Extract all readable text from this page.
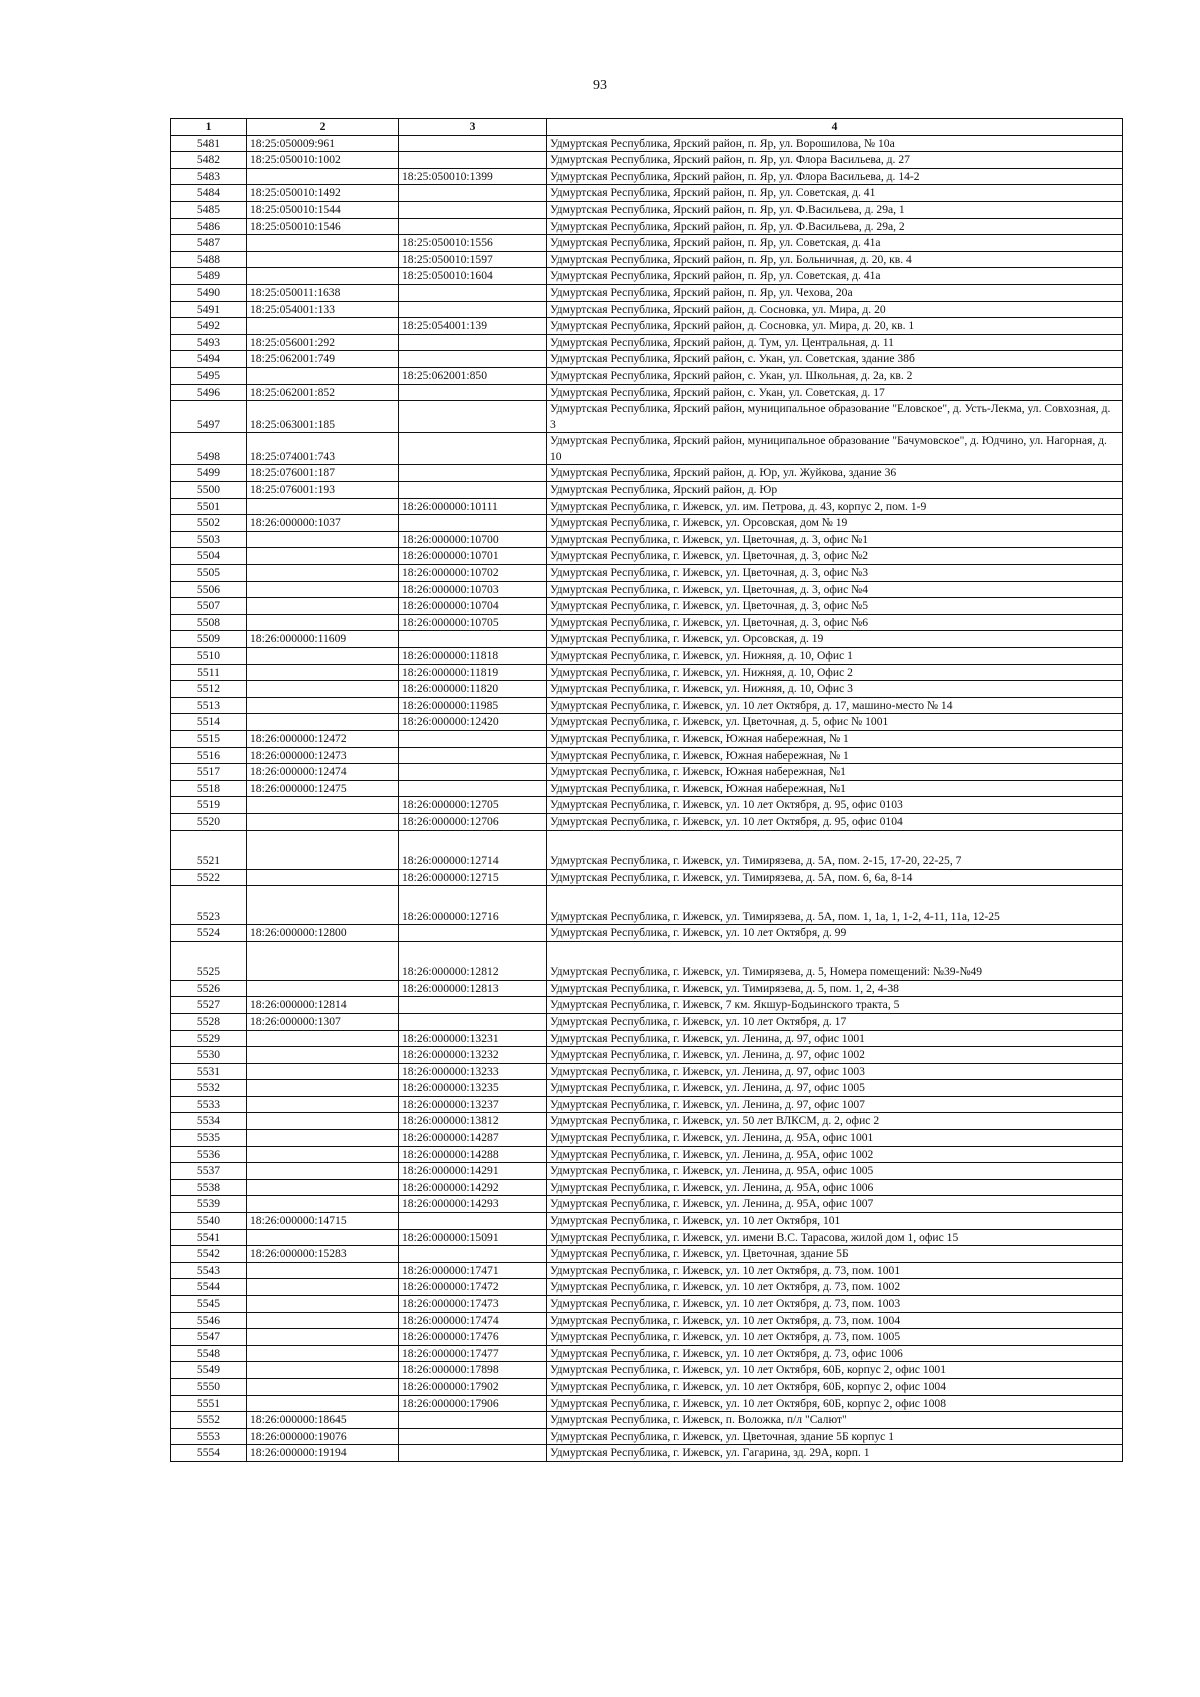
93
1	2	3	4
5481	18:25:050009:961		Удмуртская Республика, Ярский район, п. Яр, ул. Ворошилова, № 10а
5482	18:25:050010:1002		Удмуртская Республика, Ярский район, п. Яр, ул. Флора Васильева, д. 27
5483		18:25:050010:1399	Удмуртская Республика, Ярский район, п. Яр, ул. Флора Васильева, д. 14-2
5484	18:25:050010:1492		Удмуртская Республика, Ярский район, п. Яр, ул. Советская, д. 41
5485	18:25:050010:1544		Удмуртская Республика, Ярский район, п. Яр, ул. Ф.Васильева, д. 29а, 1
5486	18:25:050010:1546		Удмуртская Республика, Ярский район, п. Яр, ул. Ф.Васильева, д. 29а, 2
5487		18:25:050010:1556	Удмуртская Республика, Ярский район, п. Яр, ул. Советская, д. 41а
5488		18:25:050010:1597	Удмуртская Республика, Ярский район, п. Яр, ул. Больничная, д. 20, кв. 4
5489		18:25:050010:1604	Удмуртская Республика, Ярский район, п. Яр, ул. Советская, д. 41а
5490	18:25:050011:1638		Удмуртская Республика, Ярский район, п. Яр, ул. Чехова, 20а
5491	18:25:054001:133		Удмуртская Республика, Ярский район, д. Сосновка, ул. Мира, д. 20
5492		18:25:054001:139	Удмуртская Республика, Ярский район, д. Сосновка, ул. Мира, д. 20, кв. 1
5493	18:25:056001:292		Удмуртская Республика, Ярский район, д. Тум, ул. Центральная, д. 11
5494	18:25:062001:749		Удмуртская Республика, Ярский район, с. Укан, ул. Советская, здание 38б
5495		18:25:062001:850	Удмуртская Республика, Ярский район, с. Укан, ул. Школьная, д. 2а, кв. 2
5496	18:25:062001:852		Удмуртская Республика, Ярский район, с. Укан, ул. Советская, д. 17
5497	18:25:063001:185		Удмуртская Республика, Ярский район, муниципальное образование "Еловское", д. Усть-Лекма, ул. Совхозная, д. 3
5498	18:25:074001:743		Удмуртская Республика, Ярский район, муниципальное образование "Бачумовское", д. Юдчино, ул. Нагорная, д. 10
5499	18:25:076001:187		Удмуртская Республика, Ярский район, д. Юр, ул. Жуйкова, здание 36
5500	18:25:076001:193		Удмуртская Республика, Ярский район, д. Юр
5501		18:26:000000:10111	Удмуртская Республика, г. Ижевск, ул. им. Петрова, д. 43, корпус 2, пом. 1-9
5502	18:26:000000:1037		Удмуртская Республика, г. Ижевск, ул. Орсовская, дом № 19
5503		18:26:000000:10700	Удмуртская Республика, г. Ижевск, ул. Цветочная, д. 3, офис №1
5504		18:26:000000:10701	Удмуртская Республика, г. Ижевск, ул. Цветочная, д. 3, офис №2
5505		18:26:000000:10702	Удмуртская Республика, г. Ижевск, ул. Цветочная, д. 3, офис №3
5506		18:26:000000:10703	Удмуртская Республика, г. Ижевск, ул. Цветочная, д. 3, офис №4
5507		18:26:000000:10704	Удмуртская Республика, г. Ижевск, ул. Цветочная, д. 3, офис №5
5508		18:26:000000:10705	Удмуртская Республика, г. Ижевск, ул. Цветочная, д. 3, офис №6
5509	18:26:000000:11609		Удмуртская Республика, г. Ижевск, ул. Орсовская, д. 19
5510		18:26:000000:11818	Удмуртская Республика, г. Ижевск, ул. Нижняя, д. 10, Офис 1
5511		18:26:000000:11819	Удмуртская Республика, г. Ижевск, ул. Нижняя, д. 10, Офис 2
5512		18:26:000000:11820	Удмуртская Республика, г. Ижевск, ул. Нижняя, д. 10, Офис 3
5513		18:26:000000:11985	Удмуртская Республика, г. Ижевск, ул. 10 лет Октября, д. 17, машино-место № 14
5514		18:26:000000:12420	Удмуртская Республика, г. Ижевск, ул. Цветочная, д. 5, офис № 1001
5515	18:26:000000:12472		Удмуртская Республика, г. Ижевск, Южная набережная, № 1
5516	18:26:000000:12473		Удмуртская Республика, г. Ижевск, Южная набережная, № 1
5517	18:26:000000:12474		Удмуртская Республика, г. Ижевск, Южная набережная, №1
5518	18:26:000000:12475		Удмуртская Республика, г. Ижевск, Южная набережная, №1
5519		18:26:000000:12705	Удмуртская Республика, г. Ижевск, ул. 10 лет Октября, д. 95, офис 0103
5520		18:26:000000:12706	Удмуртская Республика, г. Ижевск, ул. 10 лет Октября, д. 95, офис 0104
5521		18:26:000000:12714	Удмуртская Республика, г. Ижевск, ул. Тимирязева, д. 5А, пом. 2-15, 17-20, 22-25, 7
5522		18:26:000000:12715	Удмуртская Республика, г. Ижевск, ул. Тимирязева, д. 5А, пом. 6, 6а, 8-14
5523		18:26:000000:12716	Удмуртская Республика, г. Ижевск, ул. Тимирязева, д. 5А, пом. 1, 1а, 1, 1-2, 4-11, 11а, 12-25
5524	18:26:000000:12800		Удмуртская Республика, г. Ижевск, ул. 10 лет Октября, д. 99
5525		18:26:000000:12812	Удмуртская Республика, г. Ижевск, ул. Тимирязева, д. 5, Номера помещений: №39-№49
5526		18:26:000000:12813	Удмуртская Республика, г. Ижевск, ул. Тимирязева, д. 5, пом. 1, 2, 4-38
5527	18:26:000000:12814		Удмуртская Республика, г. Ижевск, 7 км. Якшур-Бодьинского тракта, 5
5528	18:26:000000:1307		Удмуртская Республика, г. Ижевск, ул. 10 лет Октября, д. 17
5529		18:26:000000:13231	Удмуртская Республика, г. Ижевск, ул. Ленина, д. 97, офис 1001
5530		18:26:000000:13232	Удмуртская Республика, г. Ижевск, ул. Ленина, д. 97, офис 1002
5531		18:26:000000:13233	Удмуртская Республика, г. Ижевск, ул. Ленина, д. 97, офис 1003
5532		18:26:000000:13235	Удмуртская Республика, г. Ижевск, ул. Ленина, д. 97, офис 1005
5533		18:26:000000:13237	Удмуртская Республика, г. Ижевск, ул. Ленина, д. 97, офис 1007
5534		18:26:000000:13812	Удмуртская Республика, г. Ижевск, ул. 50 лет ВЛКСМ, д. 2, офис 2
5535		18:26:000000:14287	Удмуртская Республика, г. Ижевск, ул. Ленина, д. 95А, офис 1001
5536		18:26:000000:14288	Удмуртская Республика, г. Ижевск, ул. Ленина, д. 95А, офис 1002
5537		18:26:000000:14291	Удмуртская Республика, г. Ижевск, ул. Ленина, д. 95А, офис 1005
5538		18:26:000000:14292	Удмуртская Республика, г. Ижевск, ул. Ленина, д. 95А, офис 1006
5539		18:26:000000:14293	Удмуртская Республика, г. Ижевск, ул. Ленина, д. 95А, офис 1007
5540	18:26:000000:14715		Удмуртская Республика, г. Ижевск, ул. 10 лет Октября, 101
5541		18:26:000000:15091	Удмуртская Республика, г. Ижевск, ул. имени В.С. Тарасова, жилой дом 1, офис 15
5542	18:26:000000:15283		Удмуртская Республика, г. Ижевск, ул. Цветочная, здание 5Б
5543		18:26:000000:17471	Удмуртская Республика, г. Ижевск, ул. 10 лет Октября, д. 73, пом. 1001
5544		18:26:000000:17472	Удмуртская Республика, г. Ижевск, ул. 10 лет Октября, д. 73, пом. 1002
5545		18:26:000000:17473	Удмуртская Республика, г. Ижевск, ул. 10 лет Октября, д. 73, пом. 1003
5546		18:26:000000:17474	Удмуртская Республика, г. Ижевск, ул. 10 лет Октября, д. 73, пом. 1004
5547		18:26:000000:17476	Удмуртская Республика, г. Ижевск, ул. 10 лет Октября, д. 73, пом. 1005
5548		18:26:000000:17477	Удмуртская Республика, г. Ижевск, ул. 10 лет Октября, д. 73, офис 1006
5549		18:26:000000:17898	Удмуртская Республика, г. Ижевск, ул. 10 лет Октября, 60Б, корпус 2, офис 1001
5550		18:26:000000:17902	Удмуртская Республика, г. Ижевск, ул. 10 лет Октября, 60Б, корпус 2, офис 1004
5551		18:26:000000:17906	Удмуртская Республика, г. Ижевск, ул. 10 лет Октября, 60Б, корпус 2, офис 1008
5552	18:26:000000:18645		Удмуртская Республика, г. Ижевск, п. Воложка, п/л "Салют"
5553	18:26:000000:19076		Удмуртская Республика, г. Ижевск, ул. Цветочная, здание 5Б корпус 1
5554	18:26:000000:19194		Удмуртская Республика, г. Ижевск, ул. Гагарина, зд. 29А, корп. 1
